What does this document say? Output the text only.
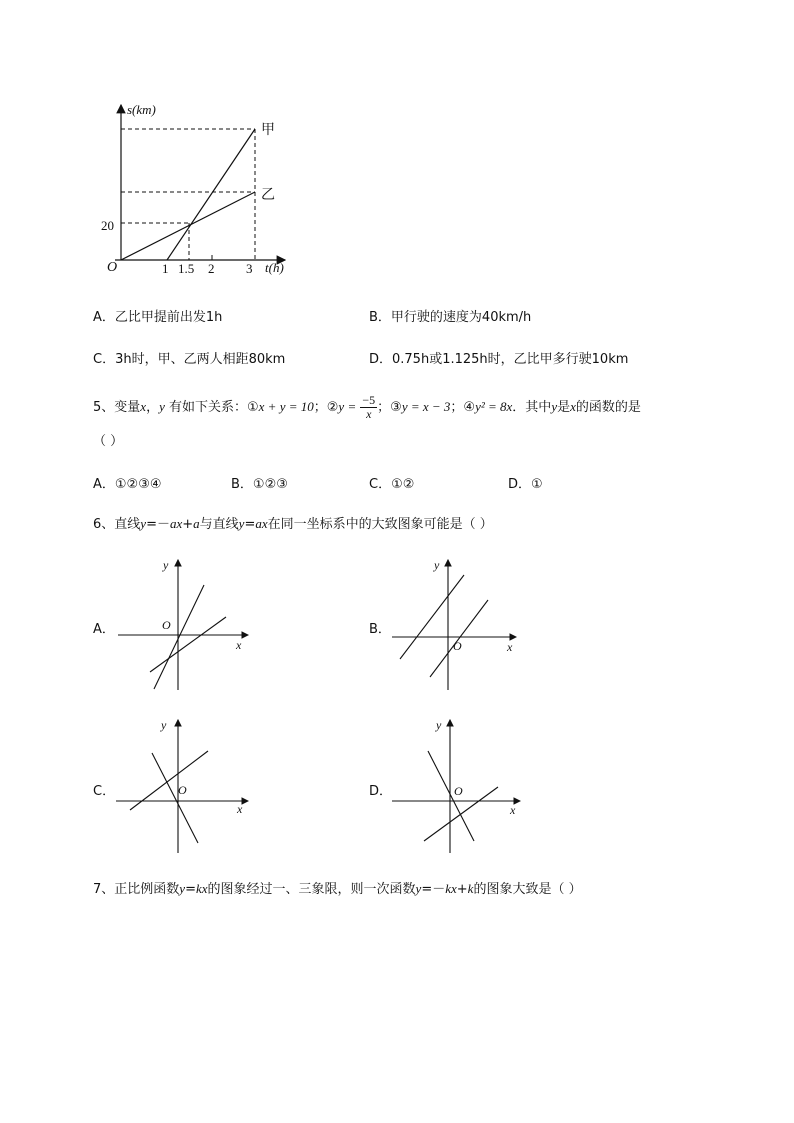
s(km)
t(h)
O
20
1 1.5 2 3
甲
乙
A．乙比甲提前出发1h	B．甲行驶的速度为40km/h
C．3h时，甲、乙两人相距80km	D．0.75h或1.125h时，乙比甲多行驶10km
5、变量x，y 有如下关系：①x + y = 10；②y = $\frac{-5}{x}$ ；③y = x − 3；④y² = 8x．其中y是x的函数的是
（ ）
A．①②③④	B．①②③	C．①②	D．①
6、直线y=－ax+a与直线y=ax在同一坐标系中的大致图象可能是（ ）
A．	B．
C．	D．
y
x
O
y
x
O
y
x
O
y
x
O
7、正比例函数y=kx的图象经过一、三象限，则一次函数y=－kx+k的图象大致是（ ）
